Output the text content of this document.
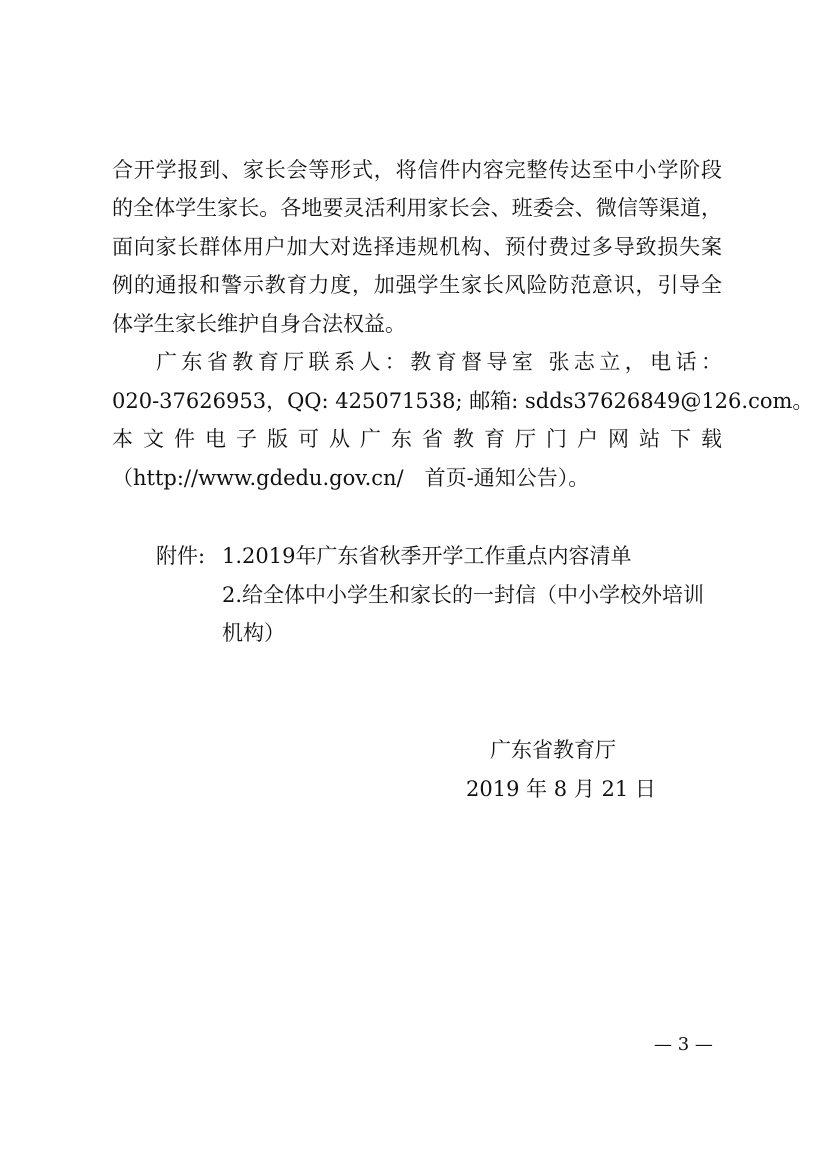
合开学报到、家长会等形式，将信件内容完整传达至中小学阶段
的全体学生家长。各地要灵活利用家长会、班委会、微信等渠道，
面向家长群体用户加大对选择违规机构、预付费过多导致损失案
例的通报和警示教育力度，加强学生家长风险防范意识，引导全
体学生家长维护自身合法权益。
广东省教育厅联系人：教育督导室 张志立，电话：
020-37626953，QQ: 425071538; 邮箱: sdds37626849@126.com。
本文件电子版可从广东省教育厅门户网站下载
（http://www.gdedu.gov.cn/　首页-通知公告）。
附件: 1.2019年广东省秋季开学工作重点内容清单
2.给全体中小学生和家长的一封信（中小学校外培训
机构）
广东省教育厅
2019 年 8 月 21 日
— 3 —
